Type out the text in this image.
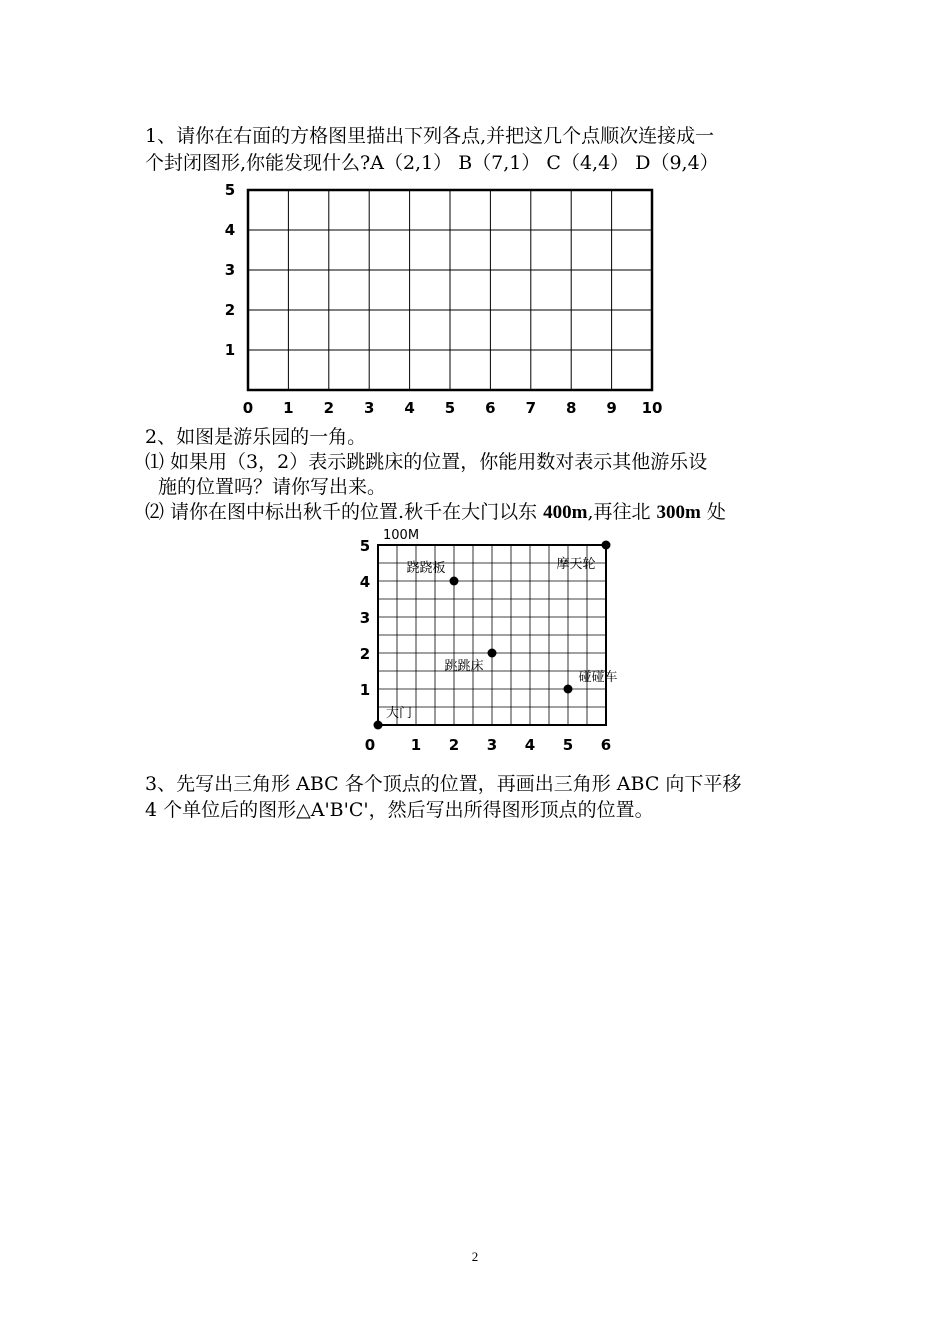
1、请你在右面的方格图里描出下列各点,并把这几个点顺次连接成一
个封闭图形,你能发现什么?A（2,1） B（7,1） C（4,4） D（9,4）
0 1 2 3 4 5 6 7 8 9 10
1
2
3
4
5
2、如图是游乐园的一角。
⑴ 如果用（3，2）表示跳跳床的位置，你能用数对表示其他游乐设
施的位置吗？请你写出来。
⑵ 请你在图中标出秋千的位置.秋千在大门以东 400m,再往北 300m 处
100M
0 1 2 3 4 5 6
1
2
3
4
5
大门
跷跷板	摩天轮
跳跳床
碰碰车
3、先写出三角形 ABC 各个顶点的位置，再画出三角形 ABC 向下平移
4 个单位后的图形△A'B'C'，然后写出所得图形顶点的位置。
2
